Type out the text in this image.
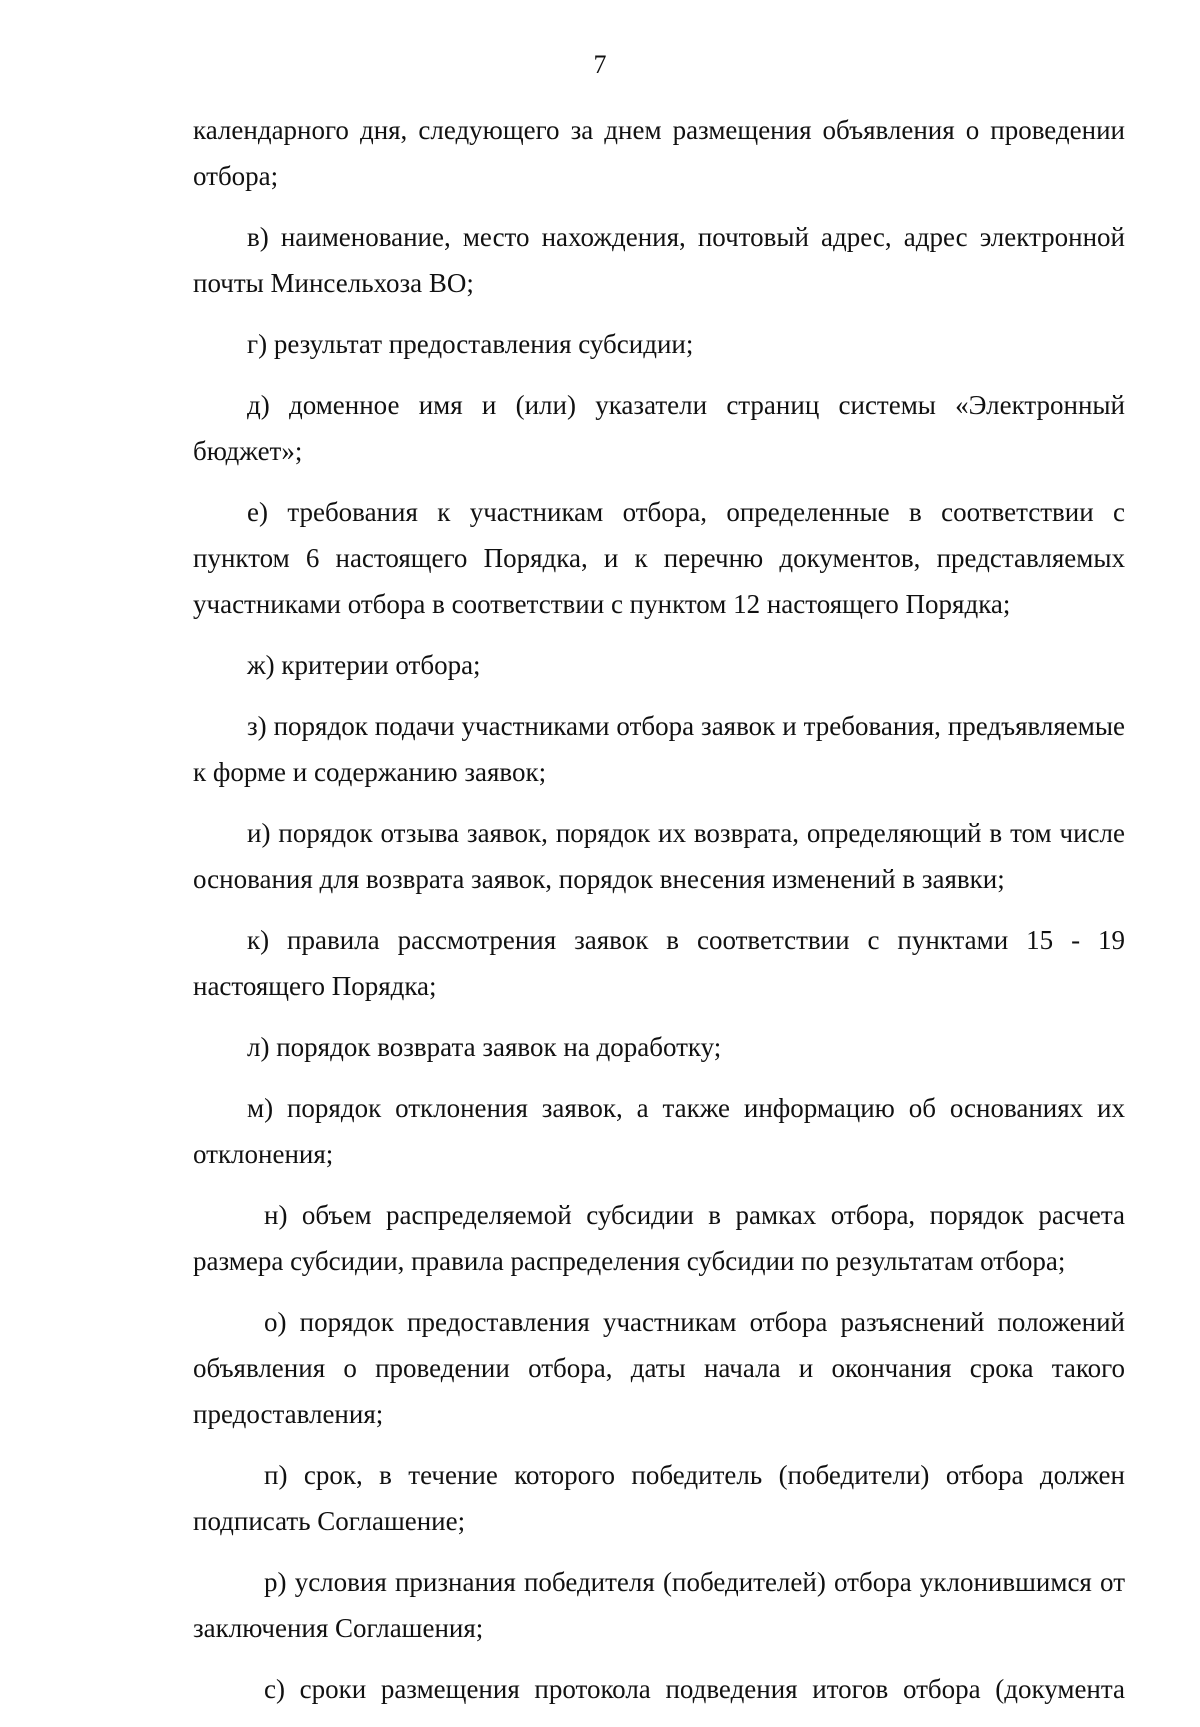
7

календарного дня, следующего за днем размещения объявления о проведении отбора;

в) наименование, место нахождения, почтовый адрес, адрес электронной почты Минсельхоза ВО;

г) результат предоставления субсидии;

д) доменное имя и (или) указатели страниц системы «Электронный бюджет»;

е) требования к участникам отбора, определенные в соответствии с пунктом 6 настоящего Порядка, и к перечню документов, представляемых участниками отбора в соответствии с пунктом 12 настоящего Порядка;

ж) критерии отбора;

з) порядок подачи участниками отбора заявок и требования, предъявляемые к форме и содержанию заявок;

и) порядок отзыва заявок, порядок их возврата, определяющий в том числе основания для возврата заявок, порядок внесения изменений в заявки;

к) правила рассмотрения заявок в соответствии с пунктами 15 - 19 настоящего Порядка;

л) порядок возврата заявок на доработку;

м) порядок отклонения заявок, а также информацию об основаниях их отклонения;

н) объем распределяемой субсидии в рамках отбора, порядок расчета размера субсидии, правила распределения субсидии по результатам отбора;

о) порядок предоставления участникам отбора разъяснений положений объявления о проведении отбора, даты начала и окончания срока такого предоставления;

п) срок, в течение которого победитель (победители) отбора должен подписать Соглашение;

р) условия признания победителя (победителей) отбора уклонившимся от заключения Соглашения;

с) сроки размещения протокола подведения итогов отбора (документа
